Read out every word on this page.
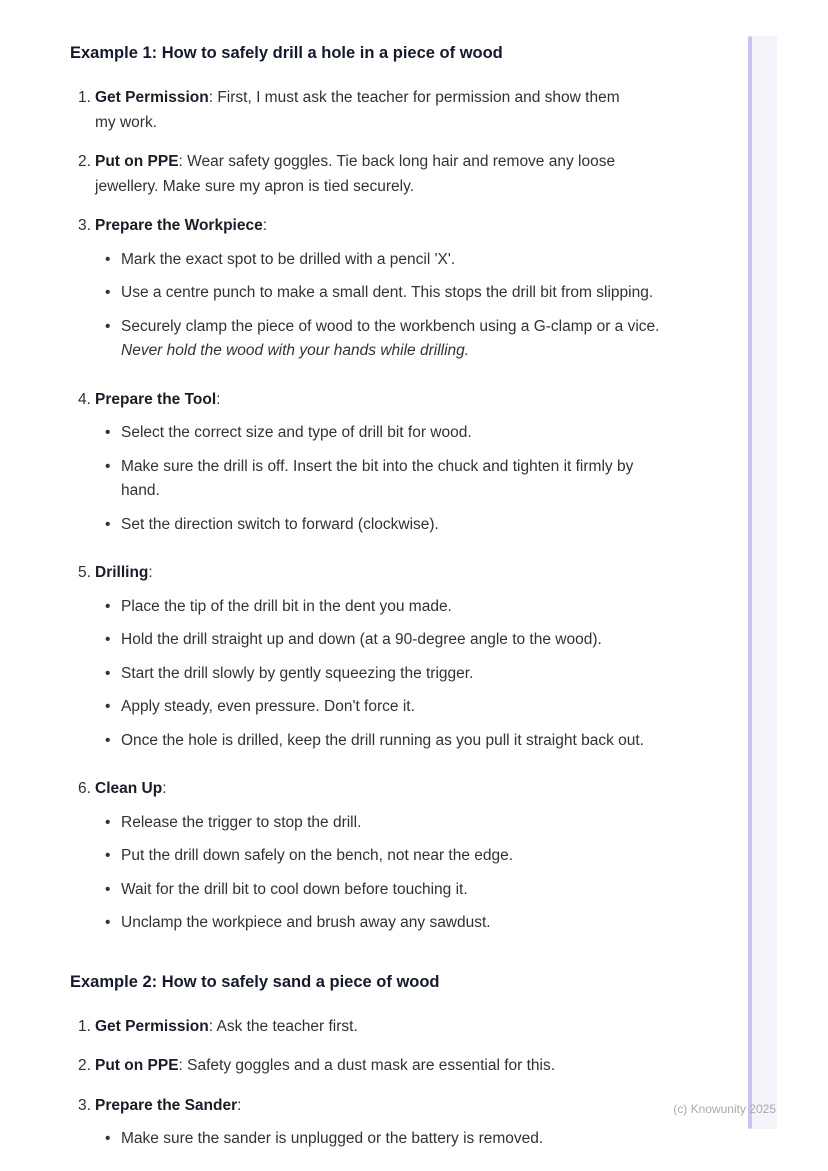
Example 1: How to safely drill a hole in a piece of wood
1. Get Permission: First, I must ask the teacher for permission and show them my work.

2. Put on PPE: Wear safety goggles. Tie back long hair and remove any loose jewellery. Make sure my apron is tied securely.

3. Prepare the Workpiece:

• Mark the exact spot to be drilled with a pencil 'X'.
• Use a centre punch to make a small dent. This stops the drill bit from slipping.
• Securely clamp the piece of wood to the workbench using a G-clamp or a vice. Never hold the wood with your hands while drilling.
4. Prepare the Tool:

• Select the correct size and type of drill bit for wood.
• Make sure the drill is off. Insert the bit into the chuck and tighten it firmly by hand.
• Set the direction switch to forward (clockwise).
5. Drilling:

• Place the tip of the drill bit in the dent you made.
• Hold the drill straight up and down (at a 90-degree angle to the wood).
• Start the drill slowly by gently squeezing the trigger.
• Apply steady, even pressure. Don't force it.
• Once the hole is drilled, keep the drill running as you pull it straight back out.
6. Clean Up:

• Release the trigger to stop the drill.
• Put the drill down safely on the bench, not near the edge.
• Wait for the drill bit to cool down before touching it.
• Unclamp the workpiece and brush away any sawdust.
Example 2: How to safely sand a piece of wood
1. Get Permission: Ask the teacher first.

2. Put on PPE: Safety goggles and a dust mask are essential for this.

3. Prepare the Sander:

• Make sure the sander is unplugged or the battery is removed.
(c) Knowunity 2025
